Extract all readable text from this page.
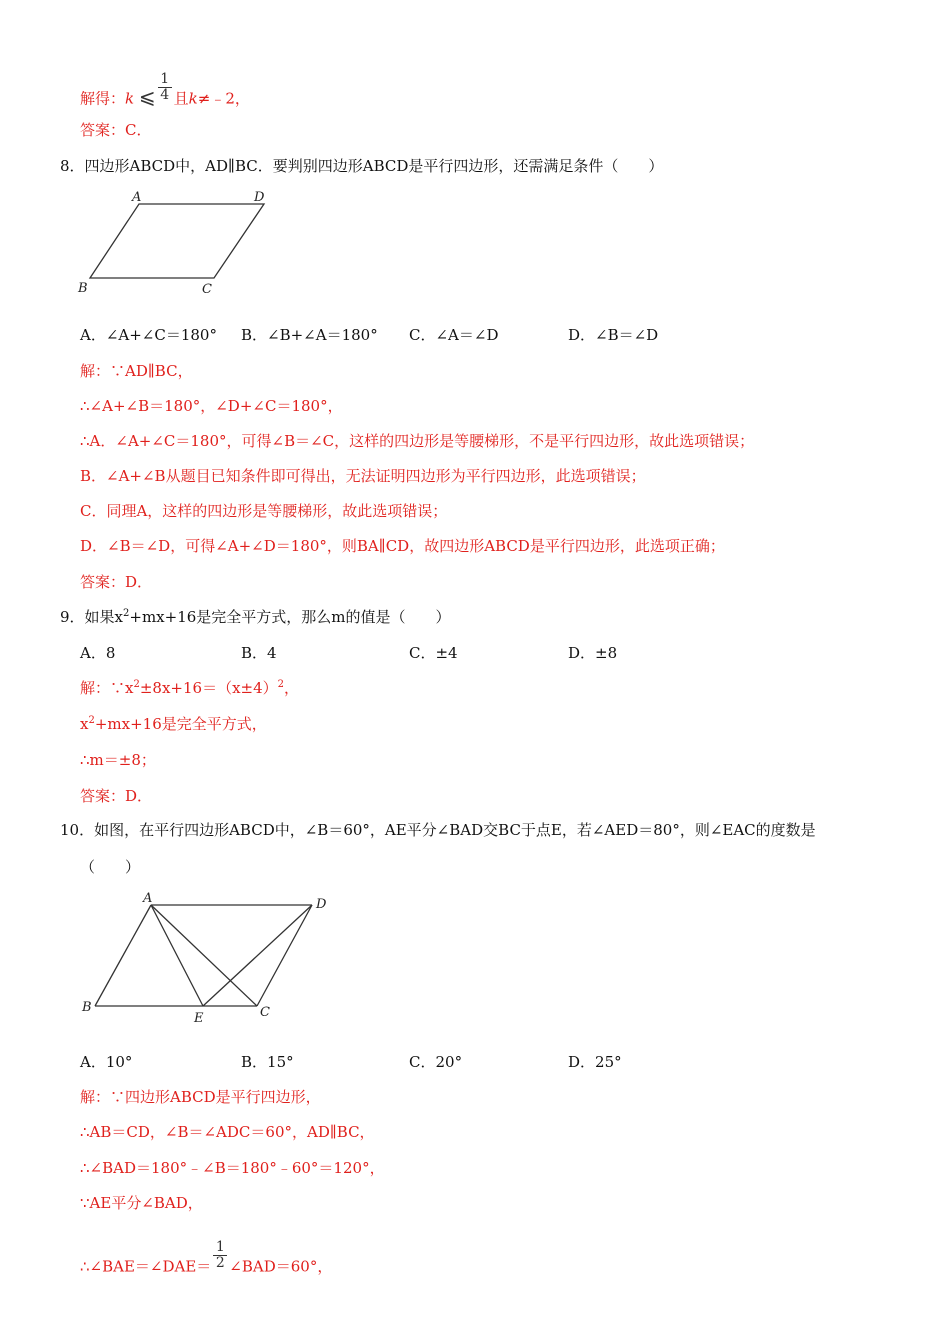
解得：k ⩽ $\frac{1}{4}$ 且k≠﹣2，
答案：C．
8．四边形ABCD中，AD∥BC．要判别四边形ABCD是平行四边形，还需满足条件（　　）
A	D
B	C
A．∠A+∠C＝180° B．∠B+∠A＝180° C．∠A＝∠D	D．∠B＝∠D
解：∵AD∥BC，
∴∠A+∠B＝180°，∠D+∠C＝180°，
∴A．∠A+∠C＝180°，可得∠B＝∠C，这样的四边形是等腰梯形，不是平行四边形，故此选项错误；
B．∠A+∠B从题目已知条件即可得出，无法证明四边形为平行四边形，此选项错误；
C．同理A，这样的四边形是等腰梯形，故此选项错误；
D．∠B＝∠D，可得∠A+∠D＝180°，则BA∥CD，故四边形ABCD是平行四边形，此选项正确；
答案：D．
9．如果$x^2+mx+16$是完全平方式，那么m的值是（　　）
A．8	B．4	C．±4	D．±8
解：$\because x^2\pm 8x+16=(x\pm 4)^2$，
$x^2+mx+16$是完全平方式，
∴m＝±8；
答案：D．
10．如图，在平行四边形ABCD中，∠B＝60°，AE平分∠BAD交BC于点E，若∠AED＝80°，则∠EAC的度数是
（　　）
A	D
B
E	C
A．10°	B．15°	C．20°	D．25°
解：∵四边形ABCD是平行四边形，
∴AB＝CD，∠B＝∠ADC＝60°，AD∥BC，
∴∠BAD＝180°﹣∠B＝180°﹣60°＝120°，
∵AE平分∠BAD，
∴∠BAE＝∠DAE＝ $\frac{1}{2}$ ∠BAD＝60°，
